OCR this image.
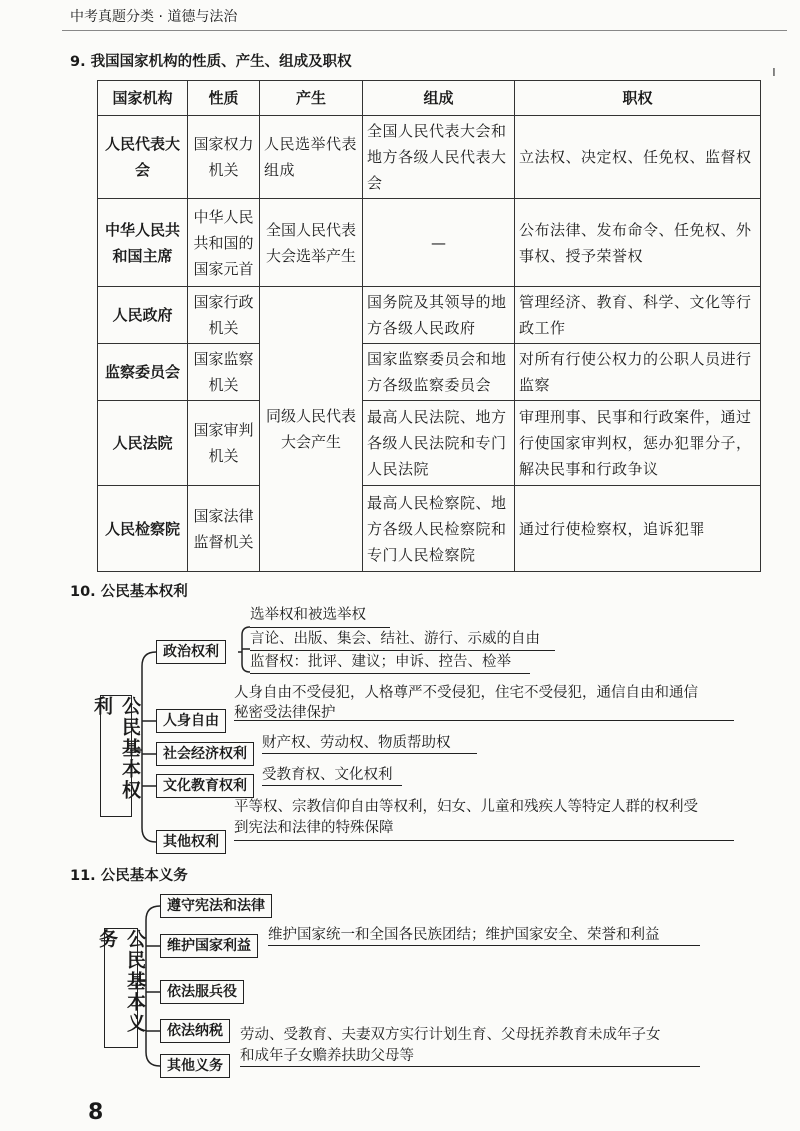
中考真题分类 · 道德与法治
ı
9. 我国国家机构的性质、产生、组成及职权
国家机构	性质	产生	组成	职权
人民代表大会	国家权力机关	人民选举代表组成	全国人民代表大会和地方各级人民代表大会	立法权、决定权、任免权、监督权
中华人民共和国主席	中华人民共和国的国家元首	全国人民代表大会选举产生	—	公布法律、发布命令、任免权、外事权、授予荣誉权
人民政府	国家行政机关	同级人民代表大会产生	国务院及其领导的地方各级人民政府	管理经济、教育、科学、文化等行政工作
监察委员会	国家监察机关		国家监察委员会和地方各级监察委员会	对所有行使公权力的公职人员进行监察
人民法院	国家审判机关		最高人民法院、地方各级人民法院和专门人民法院	审理刑事、民事和行政案件，通过行使国家审判权，惩办犯罪分子，解决民事和行政争议
人民检察院	国家法律监督机关		最高人民检察院、地方各级人民检察院和专门人民检察院	通过行使检察权，追诉犯罪
10. 公民基本权利
公民基本权利
政治权利
选举权和被选举权
言论、出版、集会、结社、游行、示威的自由
监督权：批评、建议；申诉、控告、检举
人身自由
人身自由不受侵犯，人格尊严不受侵犯，住宅不受侵犯，通信自由和通信
秘密受法律保护
社会经济权利
财产权、劳动权、物质帮助权
文化教育权利
受教育权、文化权利
其他权利
平等权、宗教信仰自由等权利，妇女、儿童和残疾人等特定人群的权利受
到宪法和法律的特殊保障
11. 公民基本义务
公民基本义务
遵守宪法和法律
维护国家利益
维护国家统一和全国各民族团结；维护国家安全、荣誉和利益
依法服兵役
依法纳税	劳动、受教育、夫妻双方实行计划生育、父母抚养教育未成年子女
和成年子女赡养扶助父母等
其他义务
8
